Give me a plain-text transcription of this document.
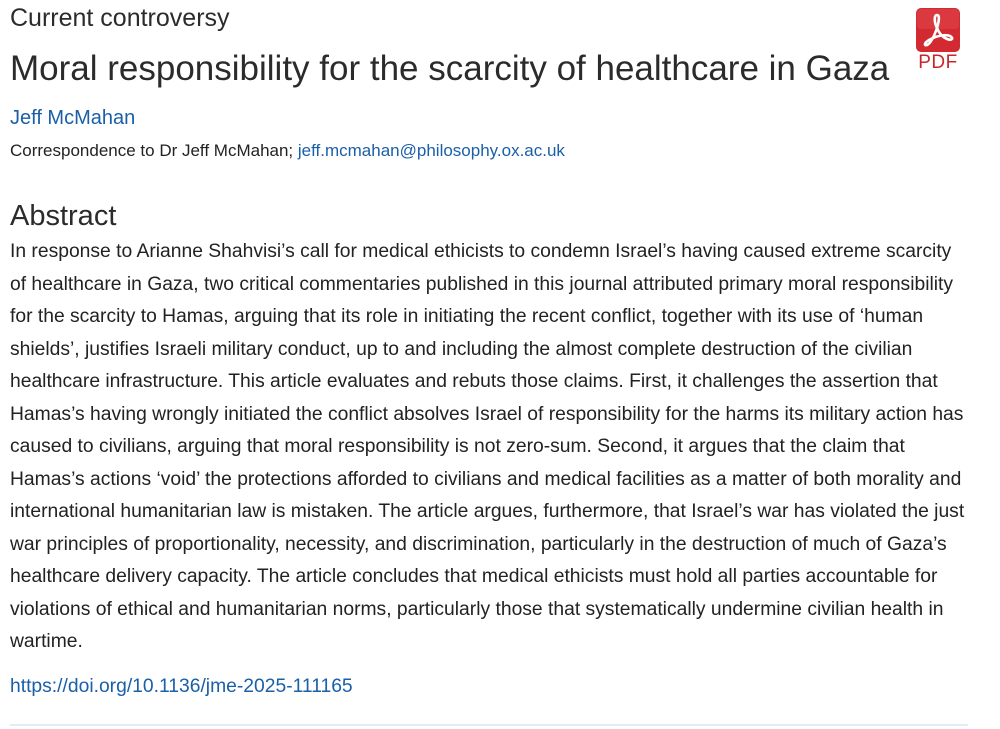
Current controversy
Moral responsibility for the scarcity of healthcare in Gaza	PDF
Jeff McMahan
Correspondence to Dr Jeff McMahan; jeff.mcmahan@philosophy.ox.ac.uk
Abstract

In response to Arianne Shahvisi’s call for medical ethicists to condemn Israel’s having caused extreme scarcity of healthcare in Gaza, two critical commentaries published in this journal attributed primary moral responsibility for the scarcity to Hamas, arguing that its role in initiating the recent conflict, together with its use of ‘human shields’, justifies Israeli military conduct, up to and including the almost complete destruction of the civilian healthcare infrastructure. This article evaluates and rebuts those claims. First, it challenges the assertion that Hamas’s having wrongly initiated the conflict absolves Israel of responsibility for the harms its military action has caused to civilians, arguing that moral responsibility is not zero-sum. Second, it argues that the claim that Hamas’s actions ‘void’ the protections afforded to civilians and medical facilities as a matter of both morality and international humanitarian law is mistaken. The article argues, furthermore, that Israel’s war has violated the just war principles of proportionality, necessity, and discrimination, particularly in the destruction of much of Gaza’s healthcare delivery capacity. The article concludes that medical ethicists must hold all parties accountable for violations of ethical and humanitarian norms, particularly those that systematically undermine civilian health in wartime.

https://doi.org/10.1136/jme-2025-111165
